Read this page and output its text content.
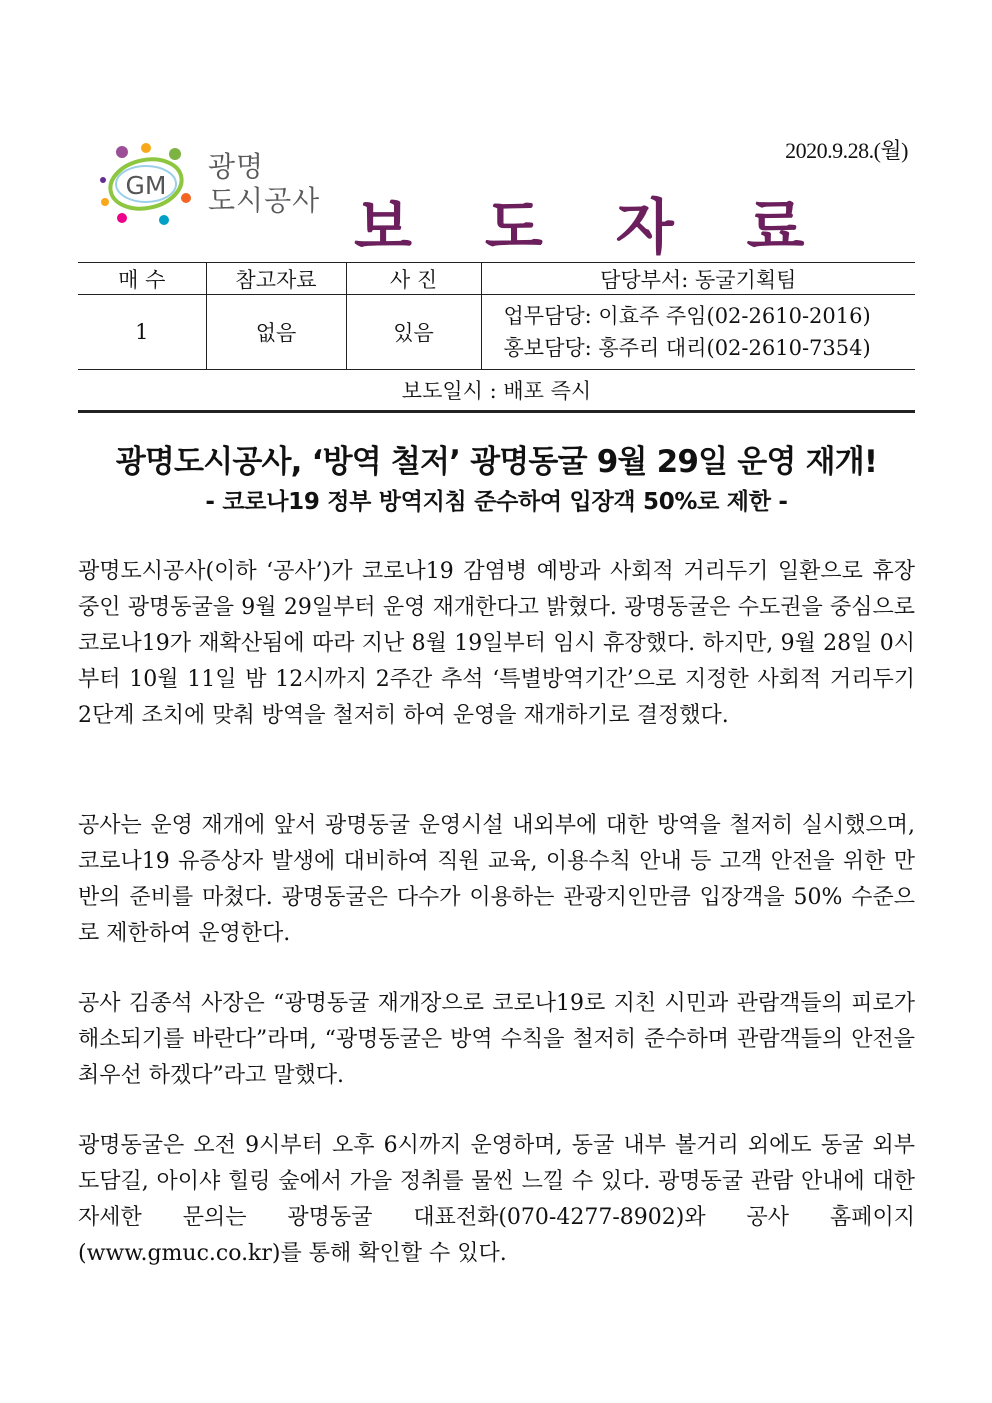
2020.9.28.(월)
GM
광명
도시공사 보 도 자 료
매 수	참고자료	사 진	담당부서: 동굴기획팀
1	없음	있음	업무담당: 이효주 주임(02-2610-2016)
홍보담당: 홍주리 대리(02-2610-7354)

보도일시 : 배포 즉시			
광명도시공사, ‘방역 철저’ 광명동굴 9월 29일 운영 재개!
- 코로나19 정부 방역지침 준수하여 입장객 50%로 제한 -

광명도시공사(이하 ‘공사’)가 코로나19 감염병 예방과 사회적 거리두기 일환으로 휴장 중인 광명동굴을 9월 29일부터 운영 재개한다고 밝혔다. 광명동굴은 수도권을 중심으로 코로나19가 재확산됨에 따라 지난 8월 19일부터 임시 휴장했다. 하지만, 9월 28일 0시부터 10월 11일 밤 12시까지 2주간 추석 ‘특별방역기간’으로 지정한 사회적 거리두기 2단계 조치에 맞춰 방역을 철저히 하여 운영을 재개하기로 결정했다.

공사는 운영 재개에 앞서 광명동굴 운영시설 내외부에 대한 방역을 철저히 실시했으며, 코로나19 유증상자 발생에 대비하여 직원 교육, 이용수칙 안내 등 고객 안전을 위한 만반의 준비를 마쳤다. 광명동굴은 다수가 이용하는 관광지인만큼 입장객을 50% 수준으로 제한하여 운영한다.

공사 김종석 사장은 “광명동굴 재개장으로 코로나19로 지친 시민과 관람객들의 피로가 해소되기를 바란다”라며, “광명동굴은 방역 수칙을 철저히 준수하며 관람객들의 안전을 최우선 하겠다”라고 말했다.

광명동굴은 오전 9시부터 오후 6시까지 운영하며, 동굴 내부 볼거리 외에도 동굴 외부 도담길, 아이샤 힐링 숲에서 가을 정취를 물씬 느낄 수 있다. 광명동굴 관람 안내에 대한 자세한 문의는 광명동굴 대표전화(070-4277-8902)와 공사 홈페이지(www.gmuc.co.kr)를 통해 확인할 수 있다.
